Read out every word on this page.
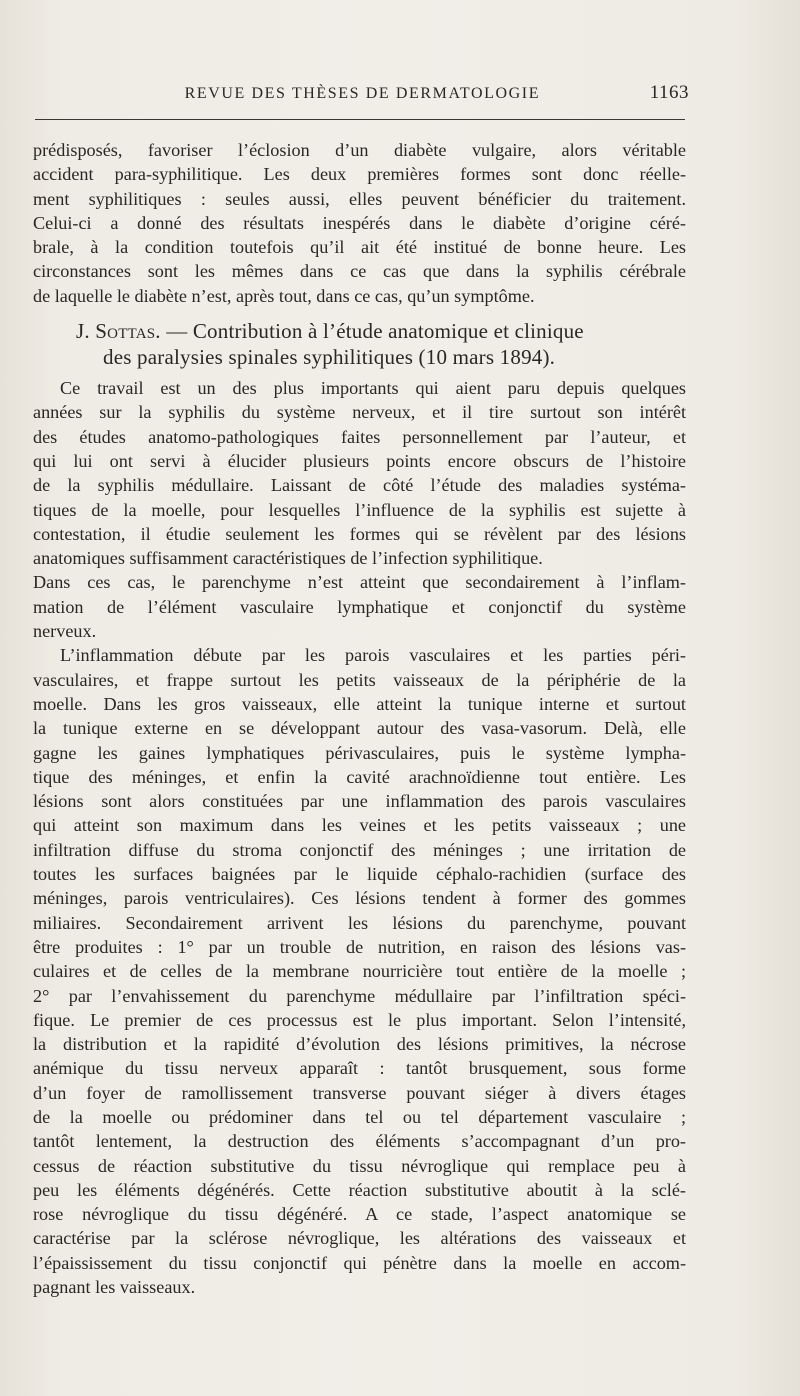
REVUE DES THÈSES DE DERMATOLOGIE	1163
prédisposés, favoriser l’éclosion d’un diabète vulgaire, alors véritable
accident para-syphilitique. Les deux premières formes sont donc réelle-
ment syphilitiques : seules aussi, elles peuvent bénéficier du traitement.
Celui-ci a donné des résultats inespérés dans le diabète d’origine céré-
brale, à la condition toutefois qu’il ait été institué de bonne heure. Les
circonstances sont les mêmes dans ce cas que dans la syphilis cérébrale
de laquelle le diabète n’est, après tout, dans ce cas, qu’un symptôme.
J. Sottas. — Contribution à l’étude anatomique et clinique
des paralysies spinales syphilitiques (10 mars 1894).
Ce travail est un des plus importants qui aient paru depuis quelques
années sur la syphilis du système nerveux, et il tire surtout son intérêt
des études anatomo-pathologiques faites personnellement par l’auteur, et
qui lui ont servi à élucider plusieurs points encore obscurs de l’histoire
de la syphilis médullaire. Laissant de côté l’étude des maladies systéma-
tiques de la moelle, pour lesquelles l’influence de la syphilis est sujette à
contestation, il étudie seulement les formes qui se révèlent par des lésions
anatomiques suffisamment caractéristiques de l’infection syphilitique.
Dans ces cas, le parenchyme n’est atteint que secondairement à l’inflam-
mation de l’élément vasculaire lymphatique et conjonctif du système
nerveux.
L’inflammation débute par les parois vasculaires et les parties péri-
vasculaires, et frappe surtout les petits vaisseaux de la périphérie de la
moelle. Dans les gros vaisseaux, elle atteint la tunique interne et surtout
la tunique externe en se développant autour des vasa-vasorum. Delà, elle
gagne les gaines lymphatiques périvasculaires, puis le système lympha-
tique des méninges, et enfin la cavité arachnoïdienne tout entière. Les
lésions sont alors constituées par une inflammation des parois vasculaires
qui atteint son maximum dans les veines et les petits vaisseaux ; une
infiltration diffuse du stroma conjonctif des méninges ; une irritation de
toutes les surfaces baignées par le liquide céphalo-rachidien (surface des
méninges, parois ventriculaires). Ces lésions tendent à former des gommes
miliaires. Secondairement arrivent les lésions du parenchyme, pouvant
être produites : 1° par un trouble de nutrition, en raison des lésions vas-
culaires et de celles de la membrane nourricière tout entière de la moelle ;
2° par l’envahissement du parenchyme médullaire par l’infiltration spéci-
fique. Le premier de ces processus est le plus important. Selon l’intensité,
la distribution et la rapidité d’évolution des lésions primitives, la nécrose
anémique du tissu nerveux apparaît : tantôt brusquement, sous forme
d’un foyer de ramollissement transverse pouvant siéger à divers étages
de la moelle ou prédominer dans tel ou tel département vasculaire ;
tantôt lentement, la destruction des éléments s’accompagnant d’un pro-
cessus de réaction substitutive du tissu névroglique qui remplace peu à
peu les éléments dégénérés. Cette réaction substitutive aboutit à la sclé-
rose névroglique du tissu dégénéré. A ce stade, l’aspect anatomique se
caractérise par la sclérose névroglique, les altérations des vaisseaux et
l’épaississement du tissu conjonctif qui pénètre dans la moelle en accom-
pagnant les vaisseaux.
